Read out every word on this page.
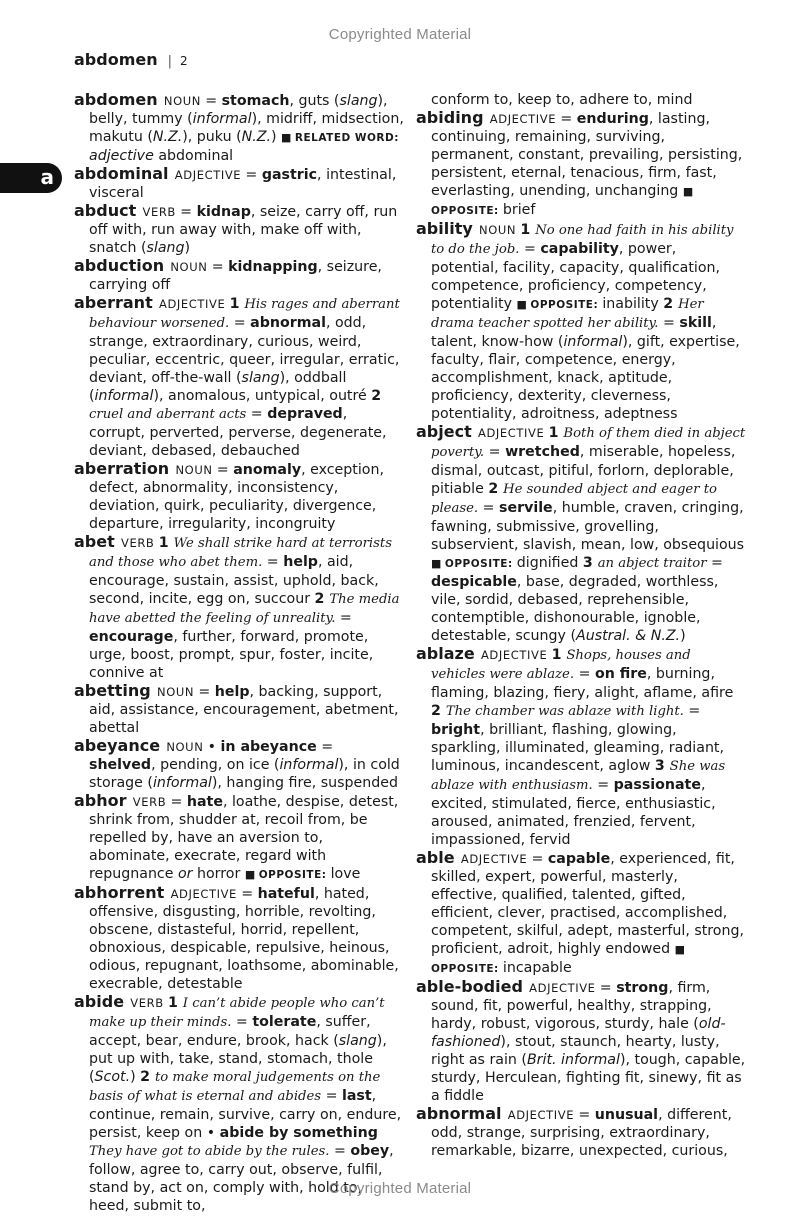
Copyrighted Material
abdomen | 2
a
abdomen NOUN = stomach, guts (slang), belly, tummy (informal), midriff, midsection, makutu (N.Z.), puku (N.Z.) ■ RELATED WORD: adjective abdominal
abdominal ADJECTIVE = gastric, intestinal, visceral
abduct VERB = kidnap, seize, carry off, run off with, run away with, make off with, snatch (slang)
abduction NOUN = kidnapping, seizure, carrying off
aberrant ADJECTIVE 1 His rages and aberrant behaviour worsened. = abnormal, odd, strange, extraordinary, curious, weird, peculiar, eccentric, queer, irregular, erratic, deviant, off-the-wall (slang), oddball (informal), anomalous, untypical, outré 2 cruel and aberrant acts = depraved, corrupt, perverted, perverse, degenerate, deviant, debased, debauched
aberration NOUN = anomaly, exception, defect, abnormality, inconsistency, deviation, quirk, peculiarity, divergence, departure, irregularity, incongruity
abet VERB 1 We shall strike hard at terrorists and those who abet them. = help, aid, encourage, sustain, assist, uphold, back, second, incite, egg on, succour 2 The media have abetted the feeling of unreality. = encourage, further, forward, promote, urge, boost, prompt, spur, foster, incite, connive at
abetting NOUN = help, backing, support, aid, assistance, encouragement, abetment, abettal
abeyance NOUN • in abeyance = shelved, pending, on ice (informal), in cold storage (informal), hanging fire, suspended
abhor VERB = hate, loathe, despise, detest, shrink from, shudder at, recoil from, be repelled by, have an aversion to, abominate, execrate, regard with repugnance or horror ■ OPPOSITE: love
abhorrent ADJECTIVE = hateful, hated, offensive, disgusting, horrible, revolting, obscene, distasteful, horrid, repellent, obnoxious, despicable, repulsive, heinous, odious, repugnant, loathsome, abominable, execrable, detestable
abide VERB 1 I can’t abide people who can’t make up their minds. = tolerate, suffer, accept, bear, endure, brook, hack (slang), put up with, take, stand, stomach, thole (Scot.) 2 to make moral judgements on the basis of what is eternal and abides = last, continue, remain, survive, carry on, endure, persist, keep on • abide by something They have got to abide by the rules. = obey, follow, agree to, carry out, observe, fulfil, stand by, act on, comply with, hold to, heed, submit to,
conform to, keep to, adhere to, mind
abiding ADJECTIVE = enduring, lasting, continuing, remaining, surviving, permanent, constant, prevailing, persisting, persistent, eternal, tenacious, firm, fast, everlasting, unending, unchanging ■ OPPOSITE: brief
ability NOUN 1 No one had faith in his ability to do the job. = capability, power, potential, facility, capacity, qualification, competence, proficiency, competency, potentiality ■ OPPOSITE: inability 2 Her drama teacher spotted her ability. = skill, talent, know-how (informal), gift, expertise, faculty, flair, competence, energy, accomplishment, knack, aptitude, proficiency, dexterity, cleverness, potentiality, adroitness, adeptness
abject ADJECTIVE 1 Both of them died in abject poverty. = wretched, miserable, hopeless, dismal, outcast, pitiful, forlorn, deplorable, pitiable 2 He sounded abject and eager to please. = servile, humble, craven, cringing, fawning, submissive, grovelling, subservient, slavish, mean, low, obsequious ■ OPPOSITE: dignified 3 an abject traitor = despicable, base, degraded, worthless, vile, sordid, debased, reprehensible, contemptible, dishonourable, ignoble, detestable, scungy (Austral. & N.Z.)
ablaze ADJECTIVE 1 Shops, houses and vehicles were ablaze. = on fire, burning, flaming, blazing, fiery, alight, aflame, afire 2 The chamber was ablaze with light. = bright, brilliant, flashing, glowing, sparkling, illuminated, gleaming, radiant, luminous, incandescent, aglow 3 She was ablaze with enthusiasm. = passionate, excited, stimulated, fierce, enthusiastic, aroused, animated, frenzied, fervent, impassioned, fervid
able ADJECTIVE = capable, experienced, fit, skilled, expert, powerful, masterly, effective, qualified, talented, gifted, efficient, clever, practised, accomplished, competent, skilful, adept, masterful, strong, proficient, adroit, highly endowed ■ OPPOSITE: incapable
able-bodied ADJECTIVE = strong, firm, sound, fit, powerful, healthy, strapping, hardy, robust, vigorous, sturdy, hale (old-fashioned), stout, staunch, hearty, lusty, right as rain (Brit. informal), tough, capable, sturdy, Herculean, fighting fit, sinewy, fit as a fiddle
abnormal ADJECTIVE = unusual, different, odd, strange, surprising, extraordinary, remarkable, bizarre, unexpected, curious,
Copyrighted Material
